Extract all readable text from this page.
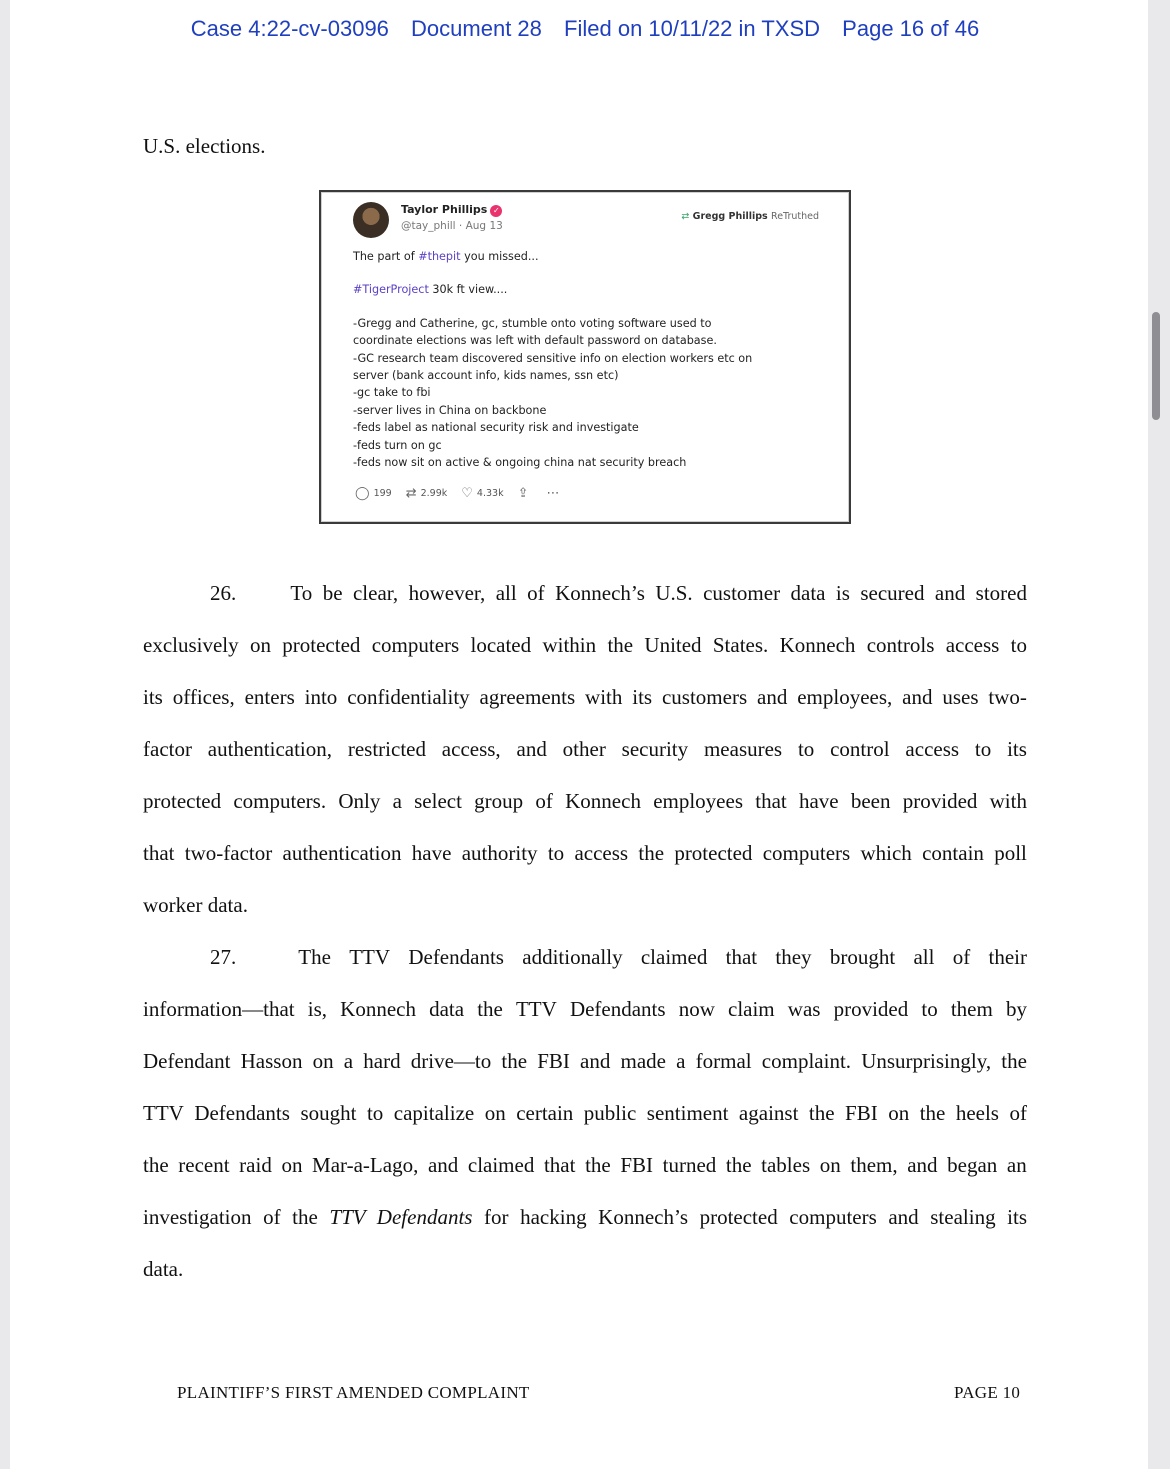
Case 4:22-cv-03096 Document 28 Filed on 10/11/22 in TXSD Page 16 of 46
U.S. elections.
Taylor Phillips ✓
@tay_phill · Aug 13
⇄ Gregg Phillips ReTruthed
The part of #thepit you missed...
#TigerProject 30k ft view....
-Gregg and Catherine, gc, stumble onto voting software used to
coordinate elections was left with default password on database.
-GC research team discovered sensitive info on election workers etc on
server (bank account info, kids names, ssn etc)
-gc take to fbi
-server lives in China on backbone
-feds label as national security risk and investigate
-feds turn on gc
-feds now sit on active & ongoing china nat security breach
◯ 199 ⇄ 2.99k ♡ 4.33k ⇪ ⋯
26.	To be clear, however, all of Konnech’s U.S. customer data is secured and stored
exclusively on protected computers located within the United States. Konnech controls access to
its offices, enters into confidentiality agreements with its customers and employees, and uses two-
factor authentication, restricted access, and other security measures to control access to its
protected computers. Only a select group of Konnech employees that have been provided with
that two-factor authentication have authority to access the protected computers which contain poll
worker data.
27.	The TTV Defendants additionally claimed that they brought all of their
information—that is, Konnech data the TTV Defendants now claim was provided to them by
Defendant Hasson on a hard drive—to the FBI and made a formal complaint. Unsurprisingly, the
TTV Defendants sought to capitalize on certain public sentiment against the FBI on the heels of
the recent raid on Mar-a-Lago, and claimed that the FBI turned the tables on them, and began an
investigation of the TTV Defendants for hacking Konnech’s protected computers and stealing its
data.
PLAINTIFF’S FIRST AMENDED COMPLAINT	PAGE 10
